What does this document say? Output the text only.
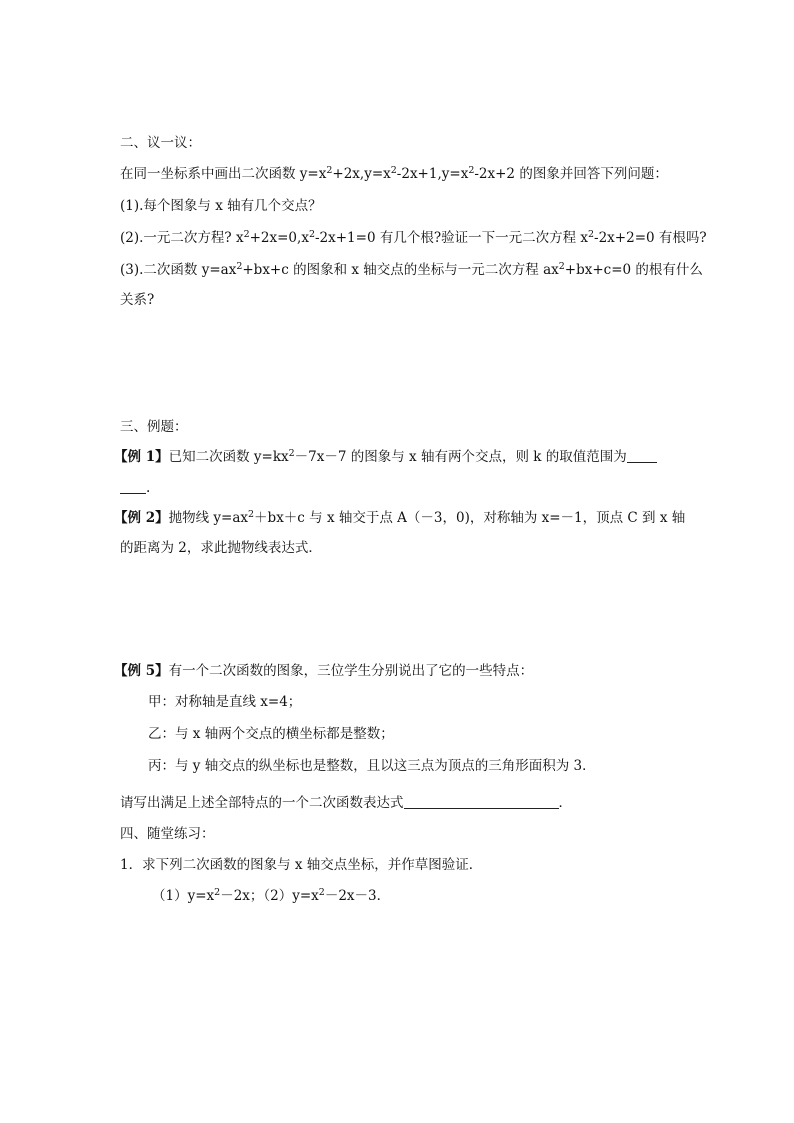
二、议一议：
在同一坐标系中画出二次函数 $y=x^2+2x,y=x^2-2x+1,y=x^2-2x+2$ 的图象并回答下列问题：
(1).每个图象与 x 轴有几个交点？
(2).一元二次方程? $x^2+2x=0,x^2-2x+1=0$ 有几个根?验证一下一元二次方程 $x^2-2x+2=0$ 有根吗?
(3).二次函数 $y=ax^2+bx+c$ 的图象和 x 轴交点的坐标与一元二次方程 $ax^2+bx+c=0$ 的根有什么
关系?
三、例题：
【例 1】已知二次函数 $y=kx^2-7x-7$ 的图象与 x 轴有两个交点，则 k 的取值范围为
.
【例 2】抛物线 $y=ax^2+bx+c$ 与 x 轴交于点 A（－3，0)，对称轴为 x=－1，顶点 C 到 x 轴
的距离为 2，求此抛物线表达式．
【例 5】有一个二次函数的图象，三位学生分别说出了它的一些特点：
甲：对称轴是直线 x=4；
乙：与 x 轴两个交点的横坐标都是整数；
丙：与 y 轴交点的纵坐标也是整数，且以这三点为顶点的三角形面积为 3．
请写出满足上述全部特点的一个二次函数表达式	．
四、随堂练习：
1．求下列二次函数的图象与 x 轴交点坐标，并作草图验证．
$(1)y=x^2-2x$；$(2)y=x^2-2x-3$．
